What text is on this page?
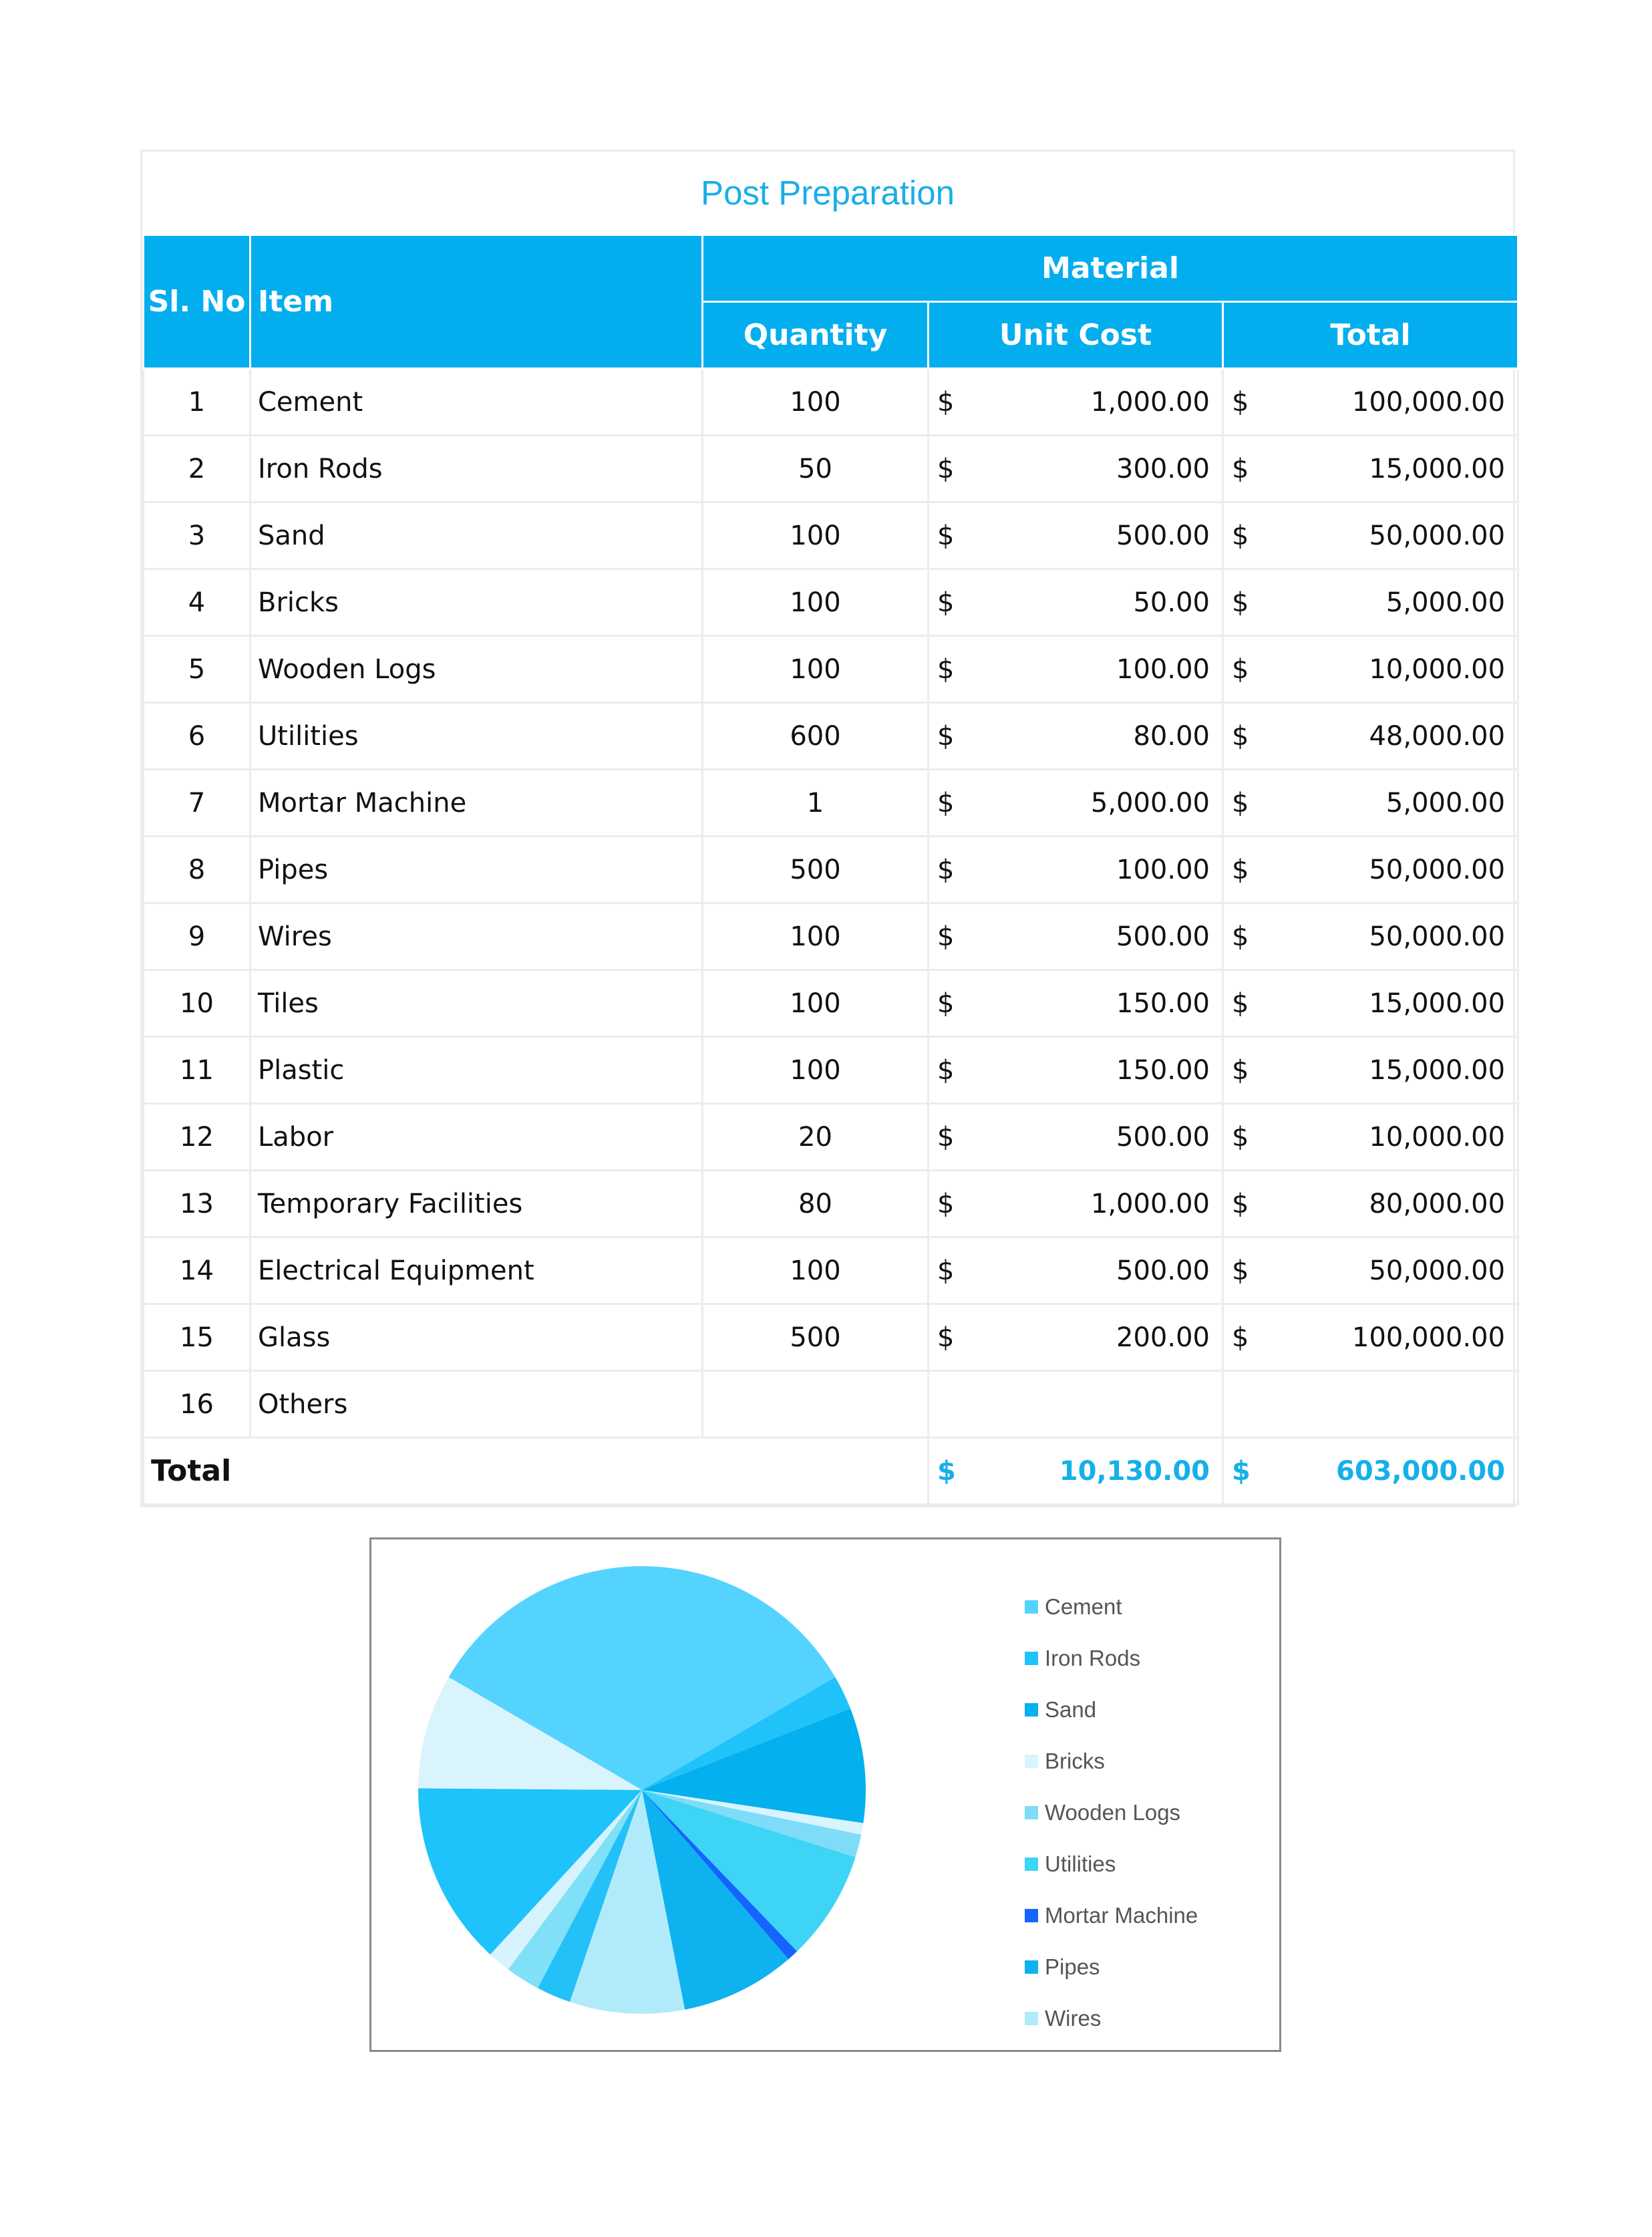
Post Preparation
Sl. No	Item	Material		
		Quantity	Unit Cost	Total
1	Cement	100	$ 1,000.00	$ 100,000.00

2	Iron Rods	50	$ 300.00	$ 15,000.00

3	Sand	100	$ 500.00	$ 50,000.00

4	Bricks	100	$ 50.00	$ 5,000.00

5	Wooden Logs	100	$ 100.00	$ 10,000.00

6	Utilities	600	$ 80.00	$ 48,000.00

7	Mortar Machine	1	$ 5,000.00	$ 5,000.00

8	Pipes	500	$ 100.00	$ 50,000.00

9	Wires	100	$ 500.00	$ 50,000.00

10	Tiles	100	$ 150.00	$ 15,000.00

11	Plastic	100	$ 150.00	$ 15,000.00

12	Labor	20	$ 500.00	$ 10,000.00

13	Temporary Facilities	80	$ 1,000.00	$ 80,000.00

14	Electrical Equipment	100	$ 500.00	$ 50,000.00

15	Glass	500	$ 200.00	$ 100,000.00

16	Others			
Total			$ 10,130.00	$ 603,000.00
Cement
Iron Rods
Sand
Bricks
Wooden Logs
Utilities
Mortar Machine
Pipes
Wires
